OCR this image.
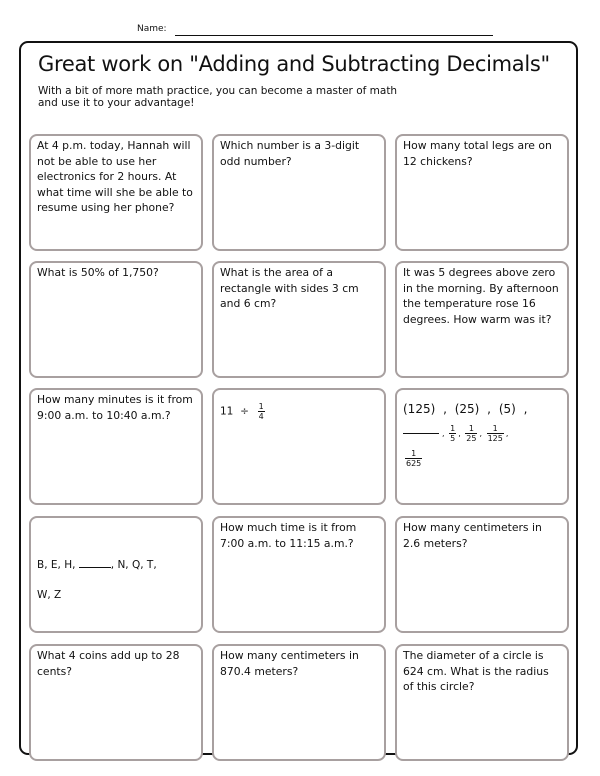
Name:
Great work on "Adding and Subtracting Decimals"
With a bit of more math practice, you can become a master of math and use it to your advantage!
At 4 p.m. today, Hannah will not be able to use her electronics for 2 hours. At what time will she be able to resume using her phone?
Which number is a 3-digit odd number?
How many total legs are on 12 chickens?
What is 50% of 1,750?	What is the area of a rectangle with sides 3 cm and 6 cm?
It was 5 degrees above zero in the morning. By afternoon the temperature rose 16 degrees. How warm was it?
How many minutes is it from 9:00 a.m. to 10:40 a.m.?	$11 \div \frac{1}{4}$	(125) , (25) , (5) ,
, $\frac{1}{5}$ , $\frac{1}{25}$ , $\frac{1}{125}$ ,
$\frac{1}{625}$
B, E, H,	, N, Q, T,
W, Z
How much time is it from 7:00 a.m. to 11:15 a.m.?
How many centimeters in 2.6 meters?
What 4 coins add up to 28 cents?
How many centimeters in 870.4 meters?
The diameter of a circle is 624 cm. What is the radius of this circle?
